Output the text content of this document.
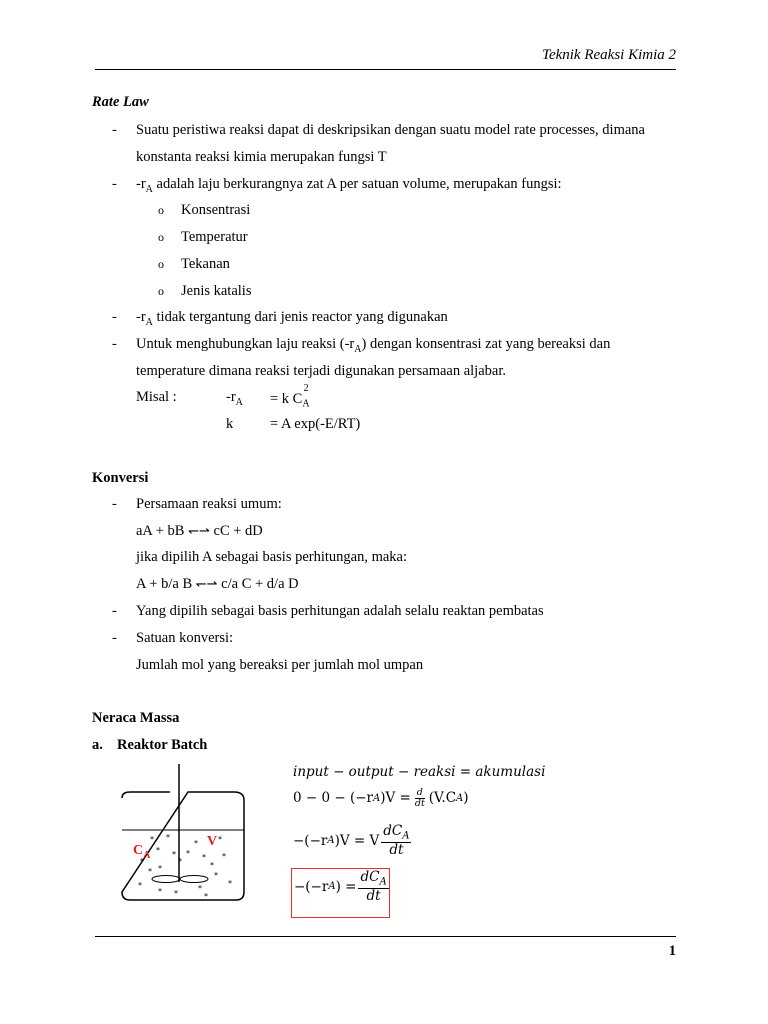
Teknik Reaksi Kimia 2
Rate Law
- Suatu peristiwa reaksi dapat di deskripsikan dengan suatu model rate processes, dimana
konstanta reaksi kimia merupakan fungsi T
- $-r_A$ adalah laju berkurangnya zat A per satuan volume, merupakan fungsi:
o Konsentrasi
o Temperatur
o Tekanan
o Jenis katalis
- $-r_A$ tidak tergantung dari jenis reactor yang digunakan
- Untuk menghubungkan laju reaksi $(-r_A)$ dengan konsentrasi zat yang bereaksi dan
temperature dimana reaksi terjadi digunakan persamaan aljabar.
Misal :	$-r_A = k$ $C_A^2$
k	= A exp(-E/RT)
Konversi
- Persamaan reaksi umum:
aA + bB ↽⇀ cC + dD
jika dipilih A sebagai basis perhitungan, maka:
A + b/a B ↽⇀ c/a C + d/a D
- Yang dipilih sebagai basis perhitungan adalah selalu reaktan pembatas
- Satuan konversi:
Jumlah mol yang bereaksi per jumlah mol umpan
Neraca Massa
a. Reaktor Batch
* *
*	*
* * * *
*	*	*
*
* *
*
*
*
* *
*
*
$C_A$
V
input − output − reaksi = akumulasi
0 − 0 − (−r A )$V = \frac{d}{dt} (V.C$ A )
−(−r A )V = V $\frac{dC_A}{dt}$
−(−r A ) = $\frac{dC_A}{dt}$
1
